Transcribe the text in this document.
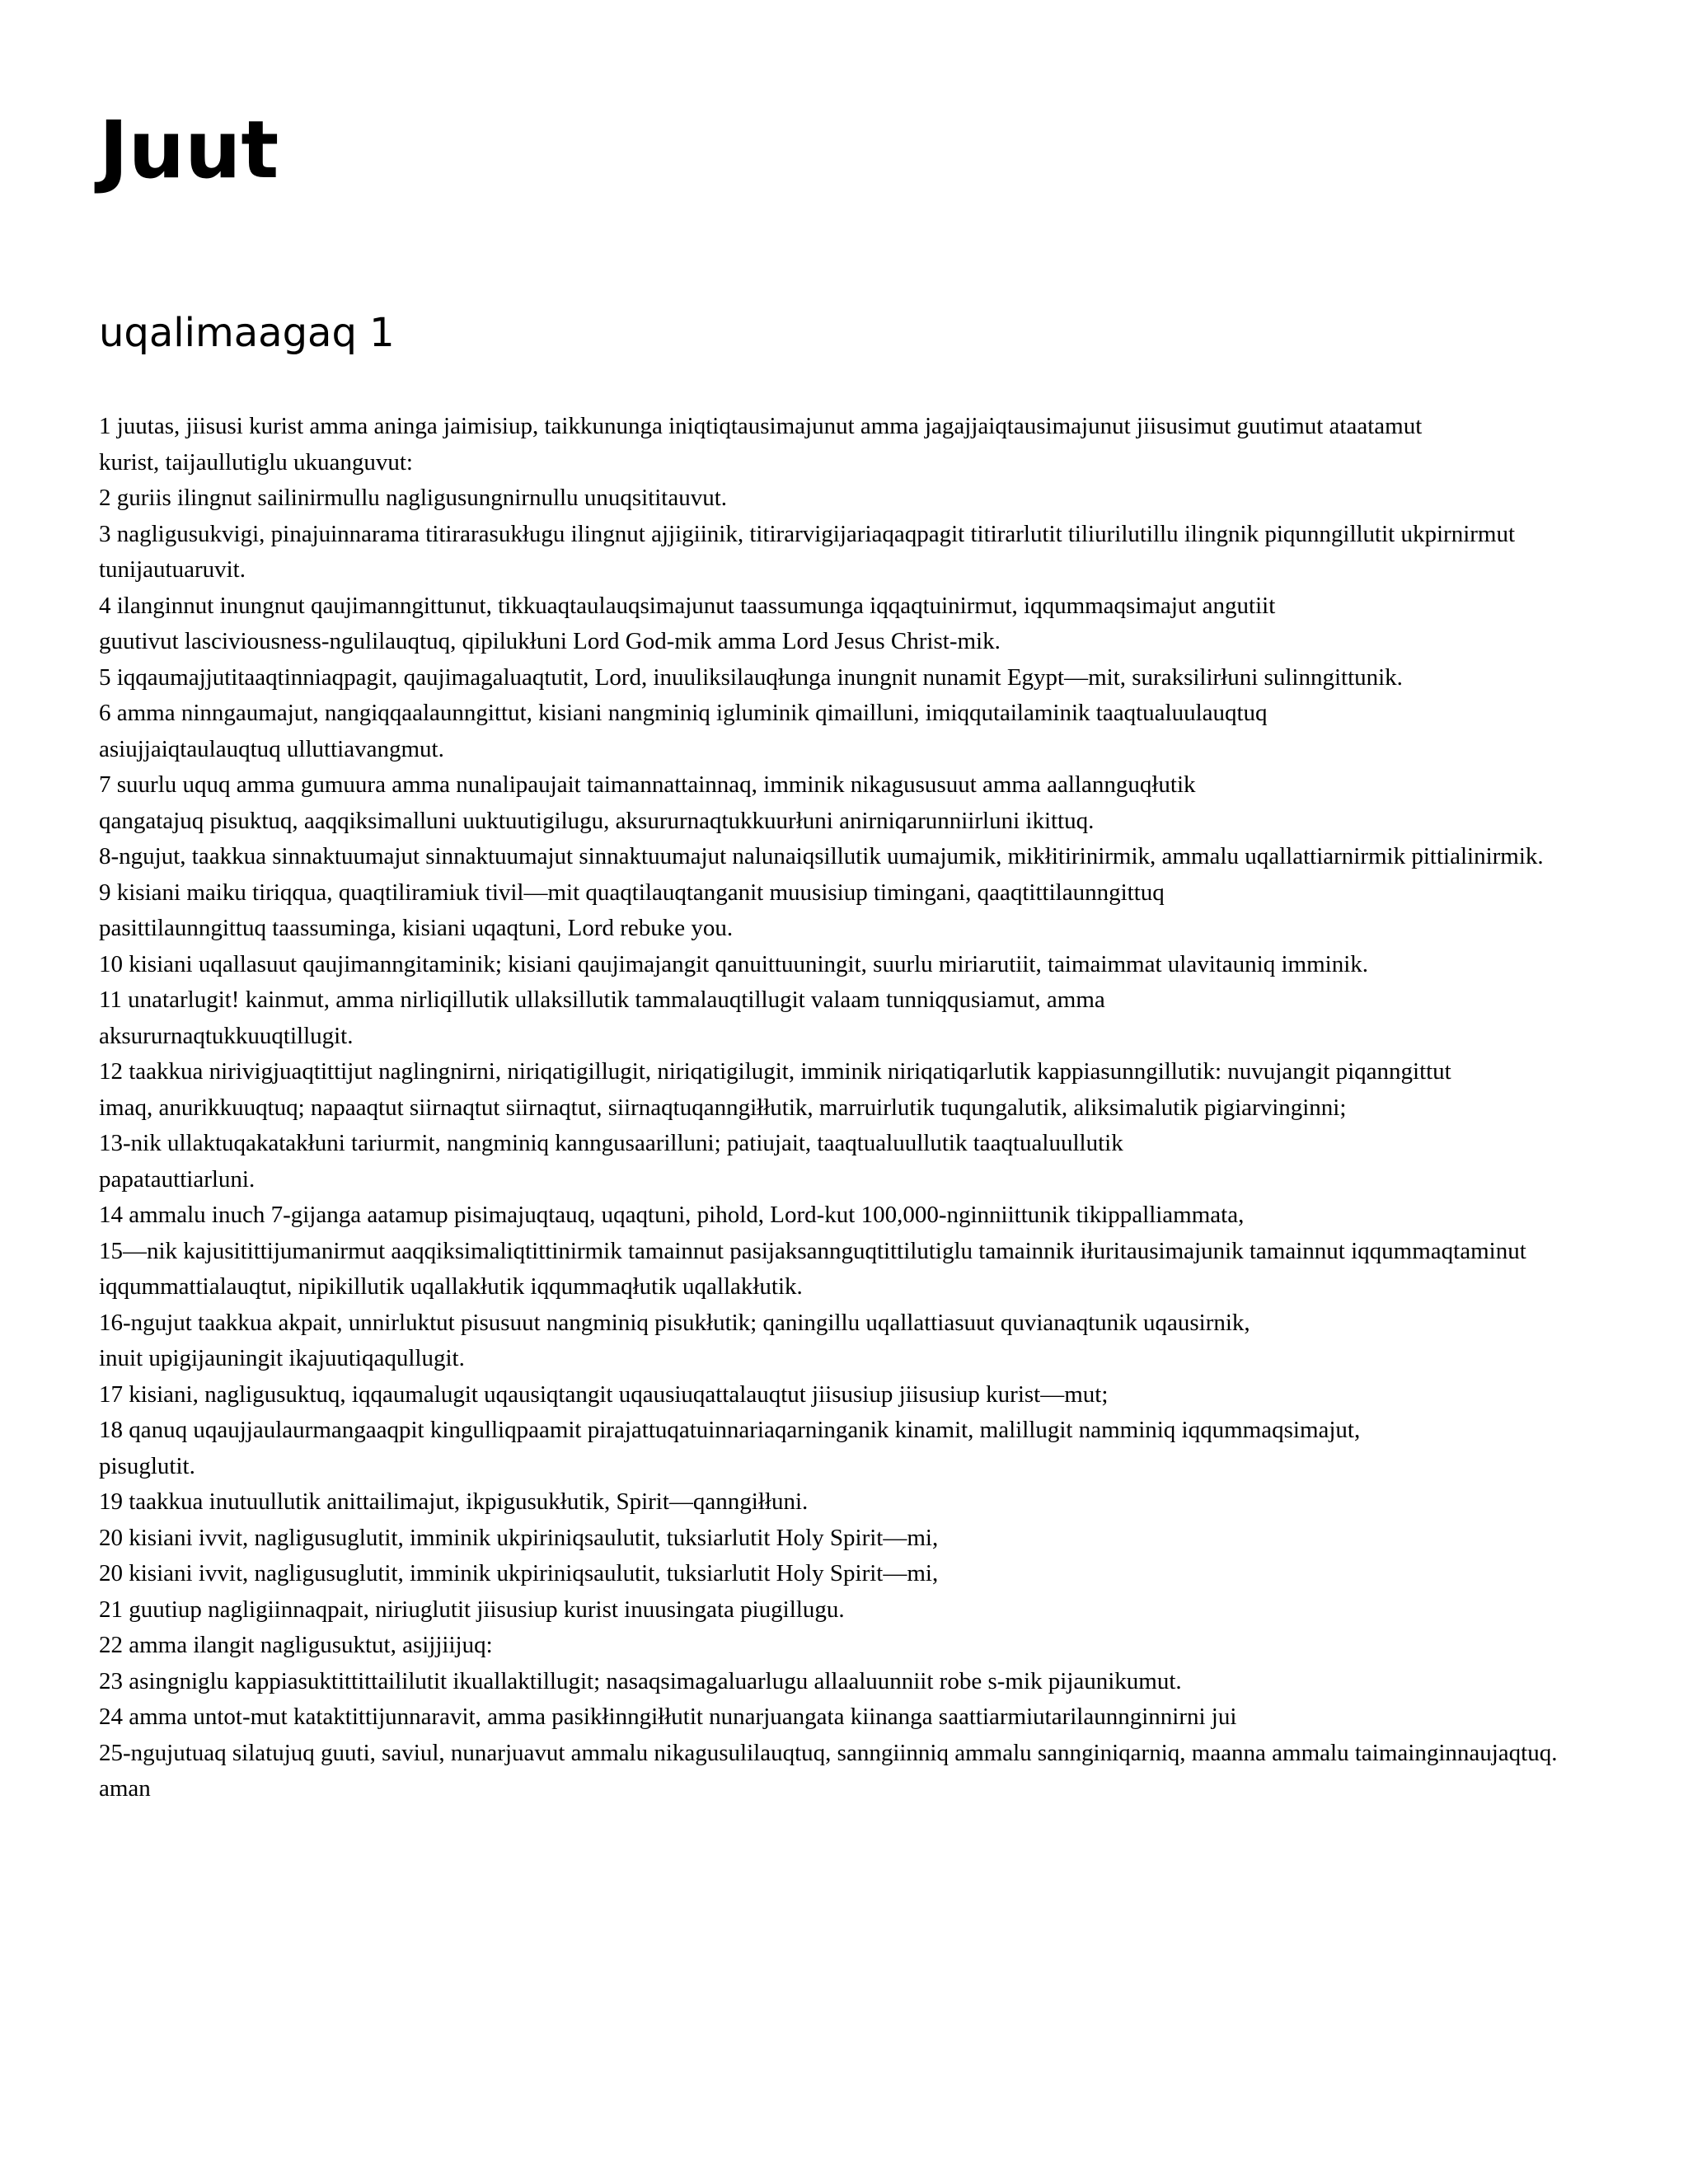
Juut
uqalimaagaq 1
1 juutas, jiisusi kurist amma aninga jaimisiup, taikkununga iniqtiqtausimajunut amma jagajjaiqtausimajunut jiisusimut guutimut ataatamut
kurist, taijaullutiglu ukuanguvut:
2 guriis ilingnut sailinirmullu nagligusungnirnullu unuqsititauvut.
3 nagligusukvigi, pinajuinnarama titirarasukługu ilingnut ajjigiinik, titirarvigijariaqaqpagit titirarlutit tiliurilutillu ilingnik piqunngillutit ukpirnirmut tunijautuaruvit.
4 ilanginnut inungnut qaujimanngittunut, tikkuaqtaulauqsimajunut taassumunga iqqaqtuinirmut, iqqummaqsimajut angutiit
guutivut lasciviousness-ngulilauqtuq, qipilukłuni Lord God-mik amma Lord Jesus Christ-mik.
5 iqqaumajjutitaaqtinniaqpagit, qaujimagaluaqtutit, Lord, inuuliksilauqłunga inungnit nunamit Egypt—mit, suraksilirłuni sulinngittunik.
6 amma ninngaumajut, nangiqqaalaunngittut, kisiani nangminiq igluminik qimailluni, imiqqutailaminik taaqtualuulauqtuq
asiujjaiqtaulauqtuq ulluttiavangmut.
7 suurlu uquq amma gumuura amma nunalipaujait taimannattainnaq, imminik nikagususuut amma aallannguqłutik
qangatajuq pisuktuq, aaqqiksimalluni uuktuutigilugu, aksururnaqtukkuurłuni anirniqarunniirluni ikittuq.
8-ngujut, taakkua sinnaktuumajut sinnaktuumajut sinnaktuumajut nalunaiqsillutik uumajumik, mikłitirinirmik, ammalu uqallattiarnirmik pittialinirmik.
9 kisiani maiku tiriqqua, quaqtiliramiuk tivil—mit quaqtilauqtanganit muusisiup timingani, qaaqtittilaunngittuq
pasittilaunngittuq taassuminga, kisiani uqaqtuni, Lord rebuke you.
10 kisiani uqallasuut qaujimanngitaminik; kisiani qaujimajangit qanuittuuningit, suurlu miriarutiit, taimaimmat ulavitauniq imminik.
11 unatarlugit! kainmut, amma nirliqillutik ullaksillutik tammalauqtillugit valaam tunniqqusiamut, amma
aksururnaqtukkuuqtillugit.
12 taakkua nirivigjuaqtittijut naglingnirni, niriqatigillugit, niriqatigilugit, imminik niriqatiqarlutik kappiasunngillutik: nuvujangit piqanngittut
imaq, anurikkuuqtuq; napaaqtut siirnaqtut siirnaqtut, siirnaqtuqanngiłłutik, marruirlutik tuqungalutik, aliksimalutik pigiarvinginni;
13-nik ullaktuqakatakłuni tariurmit, nangminiq kanngusaarilluni; patiujait, taaqtualuullutik taaqtualuullutik
papatauttiarluni.
14 ammalu inuch 7-gijanga aatamup pisimajuqtauq, uqaqtuni, pihold, Lord-kut 100,000-nginniittunik tikippalliammata,
15—nik kajusitittijumanirmut aaqqiksimaliqtittinirmik tamainnut pasijaksannguqtittilutiglu tamainnik iłuritausimajunik tamainnut iqqummaqtaminut iqqummattialauqtut, nipikillutik uqallakłutik iqqummaqłutik uqallakłutik.
16-ngujut taakkua akpait, unnirluktut pisusuut nangminiq pisukłutik; qaningillu uqallattiasuut quvianaqtunik uqausirnik,
inuit upigijauningit ikajuutiqaqullugit.
17 kisiani, nagligusuktuq, iqqaumalugit uqausiqtangit uqausiuqattalauqtut jiisusiup jiisusiup kurist—mut;
18 qanuq uqaujjaulaurmangaaqpit kingulliqpaamit pirajattuqatuinnariaqarninganik kinamit, malillugit namminiq iqqummaqsimajut,
pisuglutit.
19 taakkua inutuullutik anittailimajut, ikpigusukłutik, Spirit—qanngiłłuni.
20 kisiani ivvit, nagligusuglutit, imminik ukpiriniqsaulutit, tuksiarlutit Holy Spirit—mi,
20 kisiani ivvit, nagligusuglutit, imminik ukpiriniqsaulutit, tuksiarlutit Holy Spirit—mi,
21 guutiup nagligiinnaqpait, niriuglutit jiisusiup kurist inuusingata piugillugu.
22 amma ilangit nagligusuktut, asijjiijuq:
23 asingniglu kappiasuktittittaililutit ikuallaktillugit; nasaqsimagaluarlugu allaaluunniit robe s-mik pijaunikumut.
24 amma untot-mut kataktittijunnaravit, amma pasikłinngiłłutit nunarjuangata kiinanga saattiarmiutarilaunnginnirni jui
25-ngujutuaq silatujuq guuti, saviul, nunarjuavut ammalu nikagusulilauqtuq, sanngiinniq ammalu sannginiqarniq, maanna ammalu taimainginnaujaqtuq. aman
